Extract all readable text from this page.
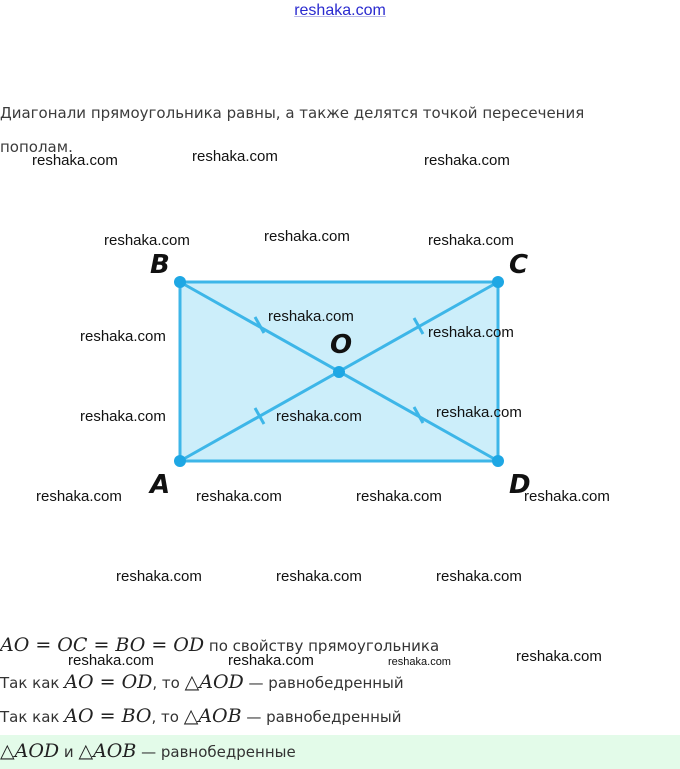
reshaka.com
Диагонали прямоугольника равны, а также делятся точкой пересечения пополам.
B	C
A	D
O
reshaka.com	reshaka.com	reshaka.com
reshaka.com	reshaka.com	reshaka.com
reshaka.com
reshaka.com	reshaka.com
reshaka.com	reshaka.com	reshaka.com
reshaka.com	reshaka.com	reshaka.com	reshaka.com
reshaka.com	reshaka.com	reshaka.com
reshaka.com	reshaka.com	reshaka.com	reshaka.com
AO = OC = BO = OD по свойству прямоугольника
Так как AO = OD, то △AOD — равнобедренный
Так как AO = BO, то △AOB — равнобедренный
△AOD и △AOB — равнобедренные
